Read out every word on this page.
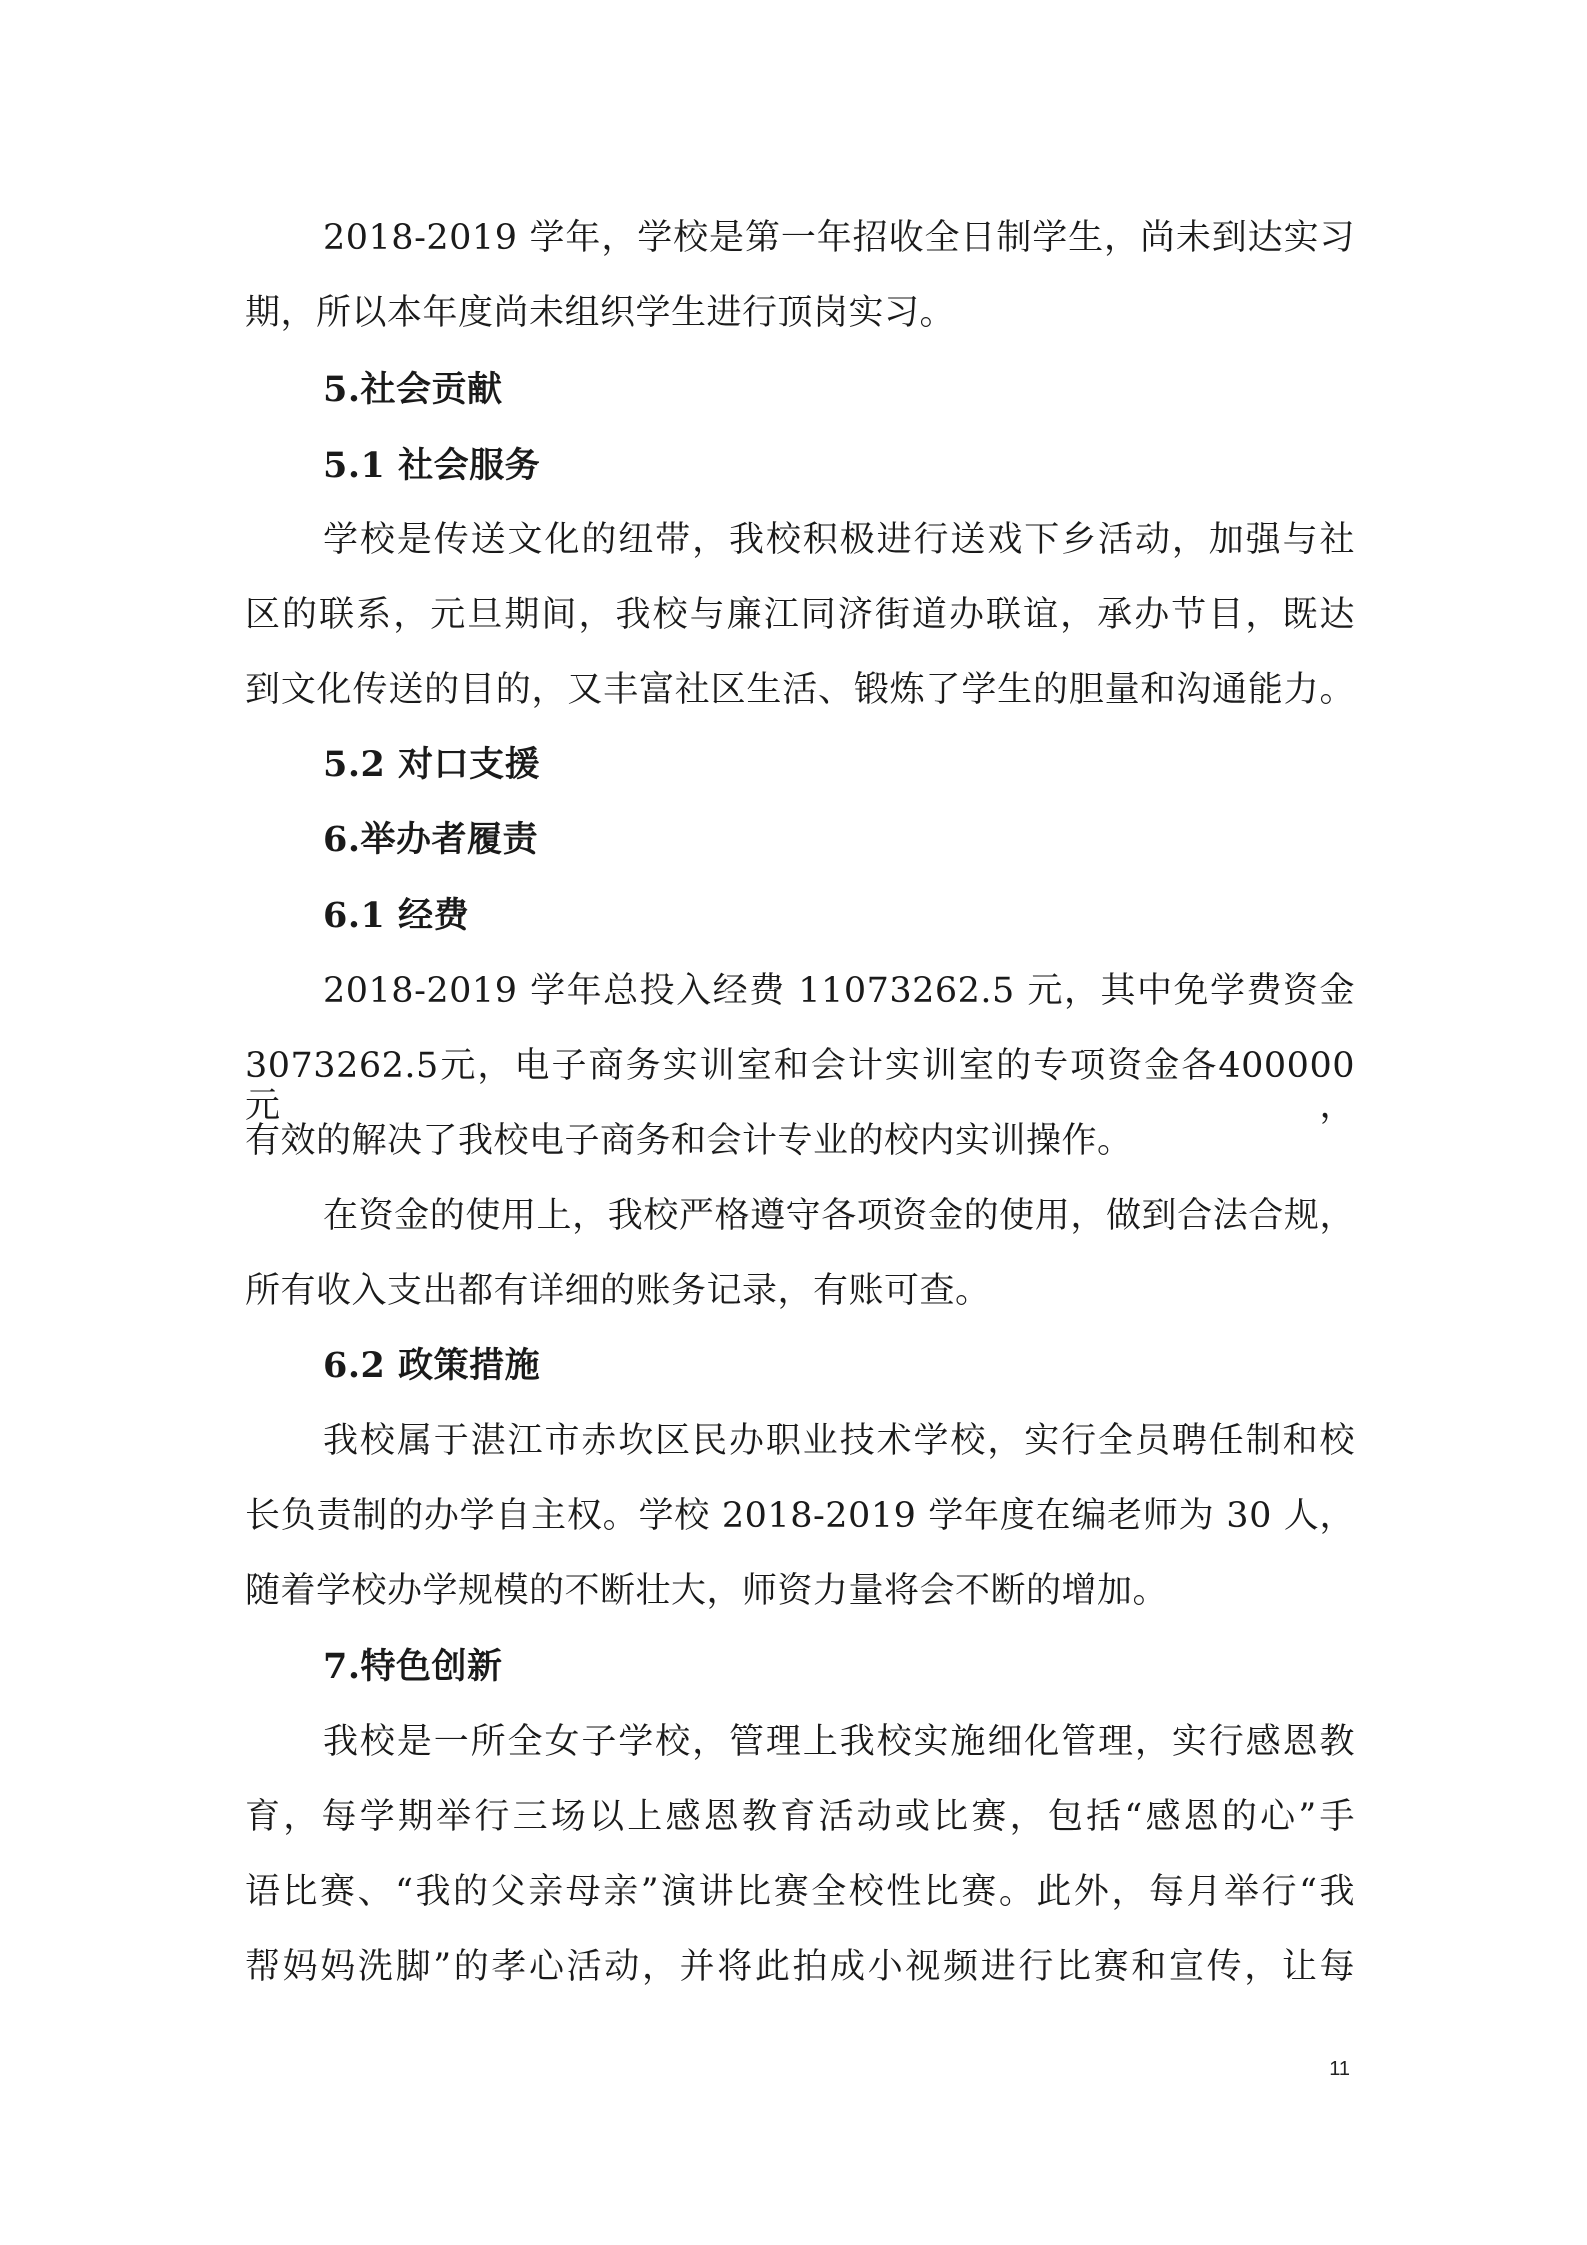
2018-2019 学年，学校是第一年招收全日制学生，尚未到达实习
期，所以本年度尚未组织学生进行顶岗实习。
5.社会贡献
5.1 社会服务
学校是传送文化的纽带，我校积极进行送戏下乡活动，加强与社
区的联系，元旦期间，我校与廉江同济街道办联谊，承办节目，既达
到文化传送的目的，又丰富社区生活、锻炼了学生的胆量和沟通能力。
5.2 对口支援
6.举办者履责
6.1 经费
2018-2019 学年总投入经费 11073262.5 元，其中免学费资金
3073262.5元，电子商务实训室和会计实训室的专项资金各400000元，
有效的解决了我校电子商务和会计专业的校内实训操作。
在资金的使用上，我校严格遵守各项资金的使用，做到合法合规，
所有收入支出都有详细的账务记录，有账可查。
6.2 政策措施
我校属于湛江市赤坎区民办职业技术学校，实行全员聘任制和校
长负责制的办学自主权。学校 2018-2019 学年度在编老师为 30 人，
随着学校办学规模的不断壮大，师资力量将会不断的增加。
7.特色创新
我校是一所全女子学校，管理上我校实施细化管理，实行感恩教
育，每学期举行三场以上感恩教育活动或比赛，包括“感恩的心”手
语比赛、“我的父亲母亲”演讲比赛全校性比赛。此外，每月举行“我
帮妈妈洗脚”的孝心活动，并将此拍成小视频进行比赛和宣传，让每
11
